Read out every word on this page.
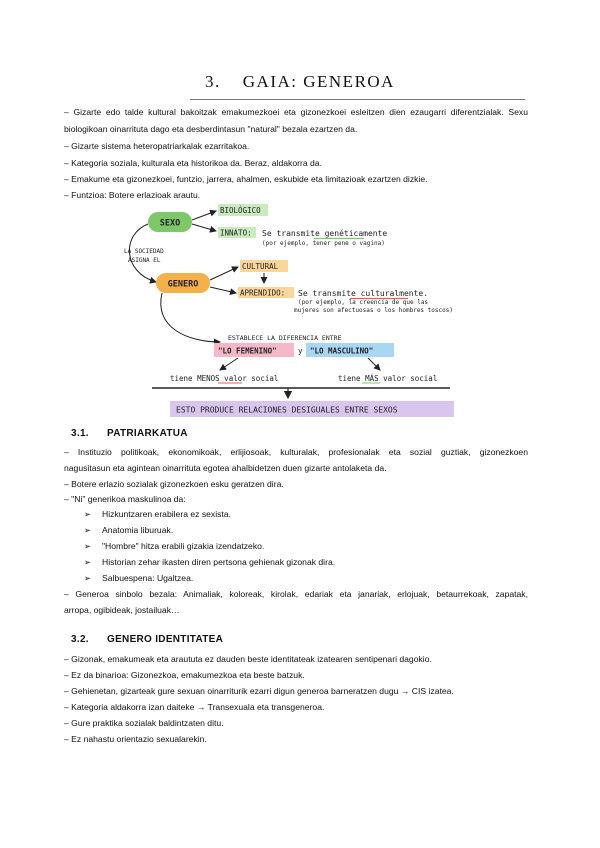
3. GAIA: GENEROA
– Gizarte edo talde kultural bakoitzak emakumezkoei eta gizonezkoei esleitzen dien ezaugarri diferentzialak. Sexu
biologikoan oinarrituta dago eta desberdintasun "natural" bezala ezartzen da.
– Gizarte sistema heteropatriarkalak ezarritakoa.
– Kategoria soziala, kulturala eta historikoa da. Beraz, aldakorra da.
– Emakume eta gizonezkoei, funtzio, jarrera, ahalmen, eskubide eta limitazioak ezartzen dizkie.
– Funtzioa: Botere erlazioak arautu.
SEXO
BIOLÓGICO
INNATO: Se transmite genéticamente
(por ejemplo, tener pene o vagina)
LA SOCIEDAD
ASIGNA EL
GENERO
CULTURAL
APRENDIDO: Se transmite culturalmente.
(por ejemplo, la creencia de que las
mujeres son afectuosas o los hombres toscos)
ESTABLECE LA DIFERENCIA ENTRE
"LO FEMENINO"	y "LO MASCULINO"
tiene MENOS valor social	tiene MÁS valor social
ESTO PRODUCE RELACIONES DESIGUALES ENTRE SEXOS
3.1. PATRIARKATUA
– Instituzio politikoak, ekonomikoak, erlijiosoak, kulturalak, profesionalak eta sozial guztiak, gizonezkoen
nagusitasun eta agintean oinarrituta egotea ahalbidetzen duen gizarte antolaketa da.
– Botere erlazio sozialak gizonezkoen esku geratzen dira.
– "Ni" generikoa maskulinoa da:
➢ Hizkuntzaren erabilera ez sexista.
➢ Anatomia liburuak.
➢ "Hombre" hitza erabili gizakia izendatzeko.
➢ Historian zehar ikasten diren pertsona gehienak gizonak dira.
➢ Salbuespena: Ugaltzea.
– Generoa sinbolo bezala: Animaliak, koloreak, kirolak, edariak eta janariak, erlojuak, betaurrekoak, zapatak,
arropa, ogibideak, jostailuak…
3.2. GENERO IDENTITATEA
– Gizonak, emakumeak eta araututa ez dauden beste identitateak izatearen sentipenari dagokio.
– Ez da binarioa: Gizonezkoa, emakumezkoa eta beste batzuk.
– Gehienetan, gizarteak gure sexuan oinarriturik ezarri digun generoa barneratzen dugu → CIS izatea.
– Kategoria aldakorra izan daiteke → Transexuala eta transgeneroa.
– Gure praktika sozialak baldintzaten ditu.
– Ez nahastu orientazio sexualarekin.
